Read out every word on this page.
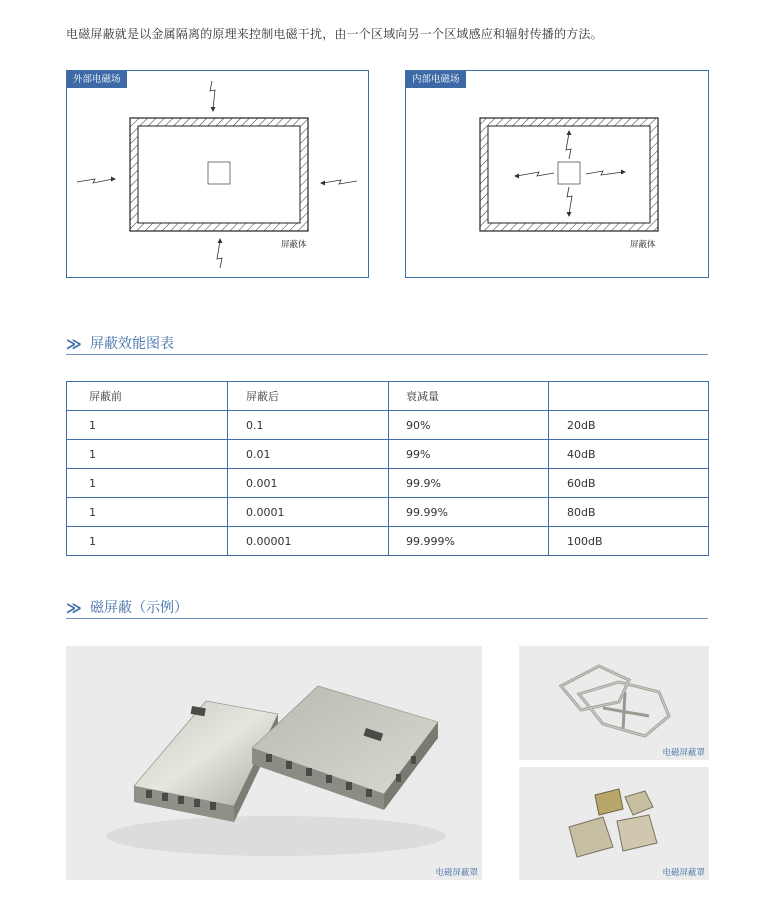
电磁屏蔽就是以金属隔离的原理来控制电磁干扰，由一个区域向另一个区域感应和辐射传播的方法。
外部电磁场
屏蔽体
内部电磁场
屏蔽体
≫ 屏蔽效能图表
屏蔽前	屏蔽后	衰减量	
1	0.1	90%	20dB
1	0.01	99%	40dB
1	0.001	99.9%	60dB
1	0.0001	99.99%	80dB
1	0.00001	99.999%	100dB
≫ 磁屏蔽（示例）
电磁屏蔽罩
电磁屏蔽罩
电磁屏蔽罩
